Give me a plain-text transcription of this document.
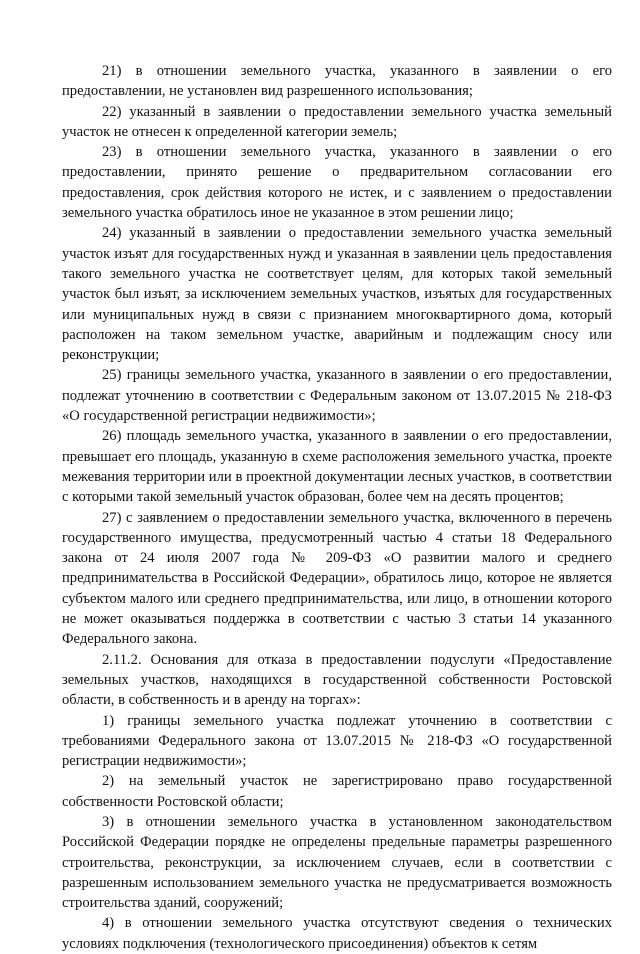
21) в отношении земельного участка, указанного в заявлении о его предоставлении, не установлен вид разрешенного использования;

22) указанный в заявлении о предоставлении земельного участка земельный участок не отнесен к определенной категории земель;

23) в отношении земельного участка, указанного в заявлении о его предоставлении, принято решение о предварительном согласовании его предоставления, срок действия которого не истек, и с заявлением о предоставлении земельного участка обратилось иное не указанное в этом решении лицо;

24) указанный в заявлении о предоставлении земельного участка земельный участок изъят для государственных нужд и указанная в заявлении цель предоставления такого земельного участка не соответствует целям, для которых такой земельный участок был изъят, за исключением земельных участков, изъятых для государственных или муниципальных нужд в связи с признанием многоквартирного дома, который расположен на таком земельном участке, аварийным и подлежащим сносу или реконструкции;

25) границы земельного участка, указанного в заявлении о его предоставлении, подлежат уточнению в соответствии с Федеральным законом от 13.07.2015 № 218-ФЗ «О государственной регистрации недвижимости»;

26) площадь земельного участка, указанного в заявлении о его предоставлении, превышает его площадь, указанную в схеме расположения земельного участка, проекте межевания территории или в проектной документации лесных участков, в соответствии с которыми такой земельный участок образован, более чем на десять процентов;

27) с заявлением о предоставлении земельного участка, включенного в перечень государственного имущества, предусмотренный частью 4 статьи 18 Федерального закона от 24 июля 2007 года № 209-ФЗ «О развитии малого и среднего предпринимательства в Российской Федерации», обратилось лицо, которое не является субъектом малого или среднего предпринимательства, или лицо, в отношении которого не может оказываться поддержка в соответствии с частью 3 статьи 14 указанного Федерального закона.

2.11.2. Основания для отказа в предоставлении подуслуги «Предоставление земельных участков, находящихся в государственной собственности Ростовской области, в собственность и в аренду на торгах»:

1) границы земельного участка подлежат уточнению в соответствии с требованиями Федерального закона от 13.07.2015 № 218-ФЗ «О государственной регистрации недвижимости»;

2) на земельный участок не зарегистрировано право государственной собственности Ростовской области;

3) в отношении земельного участка в установленном законодательством Российской Федерации порядке не определены предельные параметры разрешенного строительства, реконструкции, за исключением случаев, если в соответствии с разрешенным использованием земельного участка не предусматривается возможность строительства зданий, сооружений;

4) в отношении земельного участка отсутствуют сведения о технических условиях подключения (технологического присоединения) объектов к сетям
